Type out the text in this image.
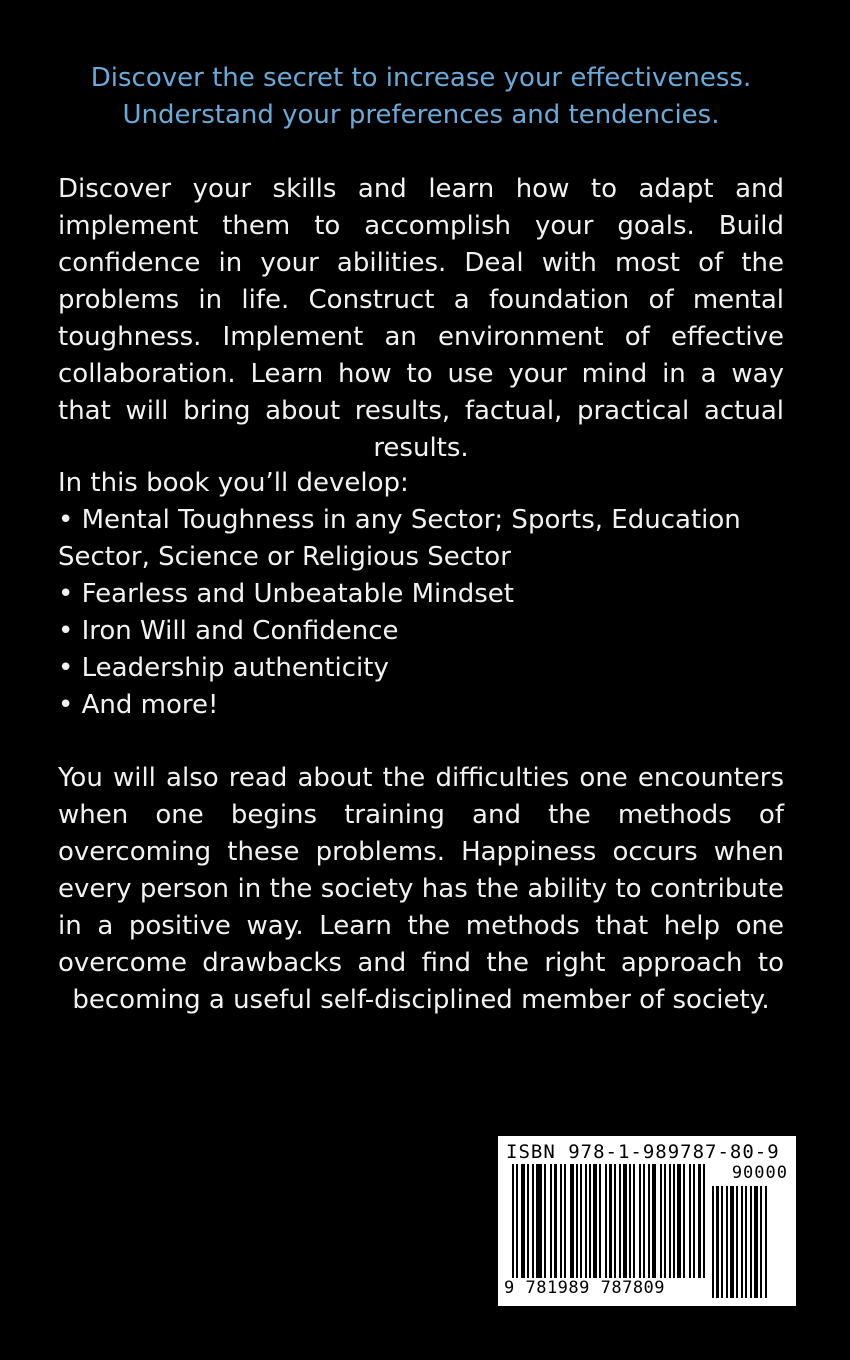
Discover the secret to increase your effectiveness.
Understand your preferences and tendencies.

Discover your skills and learn how to adapt and implement them to accomplish your goals. Build confidence in your abilities. Deal with most of the problems in life. Construct a foundation of mental toughness. Implement an environment of effective collaboration. Learn how to use your mind in a way that will bring about results, factual, practical actual results.

In this book you’ll develop:
• Mental Toughness in any Sector; Sports, Education Sector, Science or Religious Sector
• Fearless and Unbeatable Mindset
• Iron Will and Confidence
• Leadership authenticity
• And more!

You will also read about the difficulties one encounters when one begins training and the methods of overcoming these problems. Happiness occurs when every person in the society has the ability to contribute in a positive way. Learn the methods that help one overcome drawbacks and find the right approach to becoming a useful self-disciplined member of society.

ISBN 978-1-989787-80-9
90000
9 781989 787809
